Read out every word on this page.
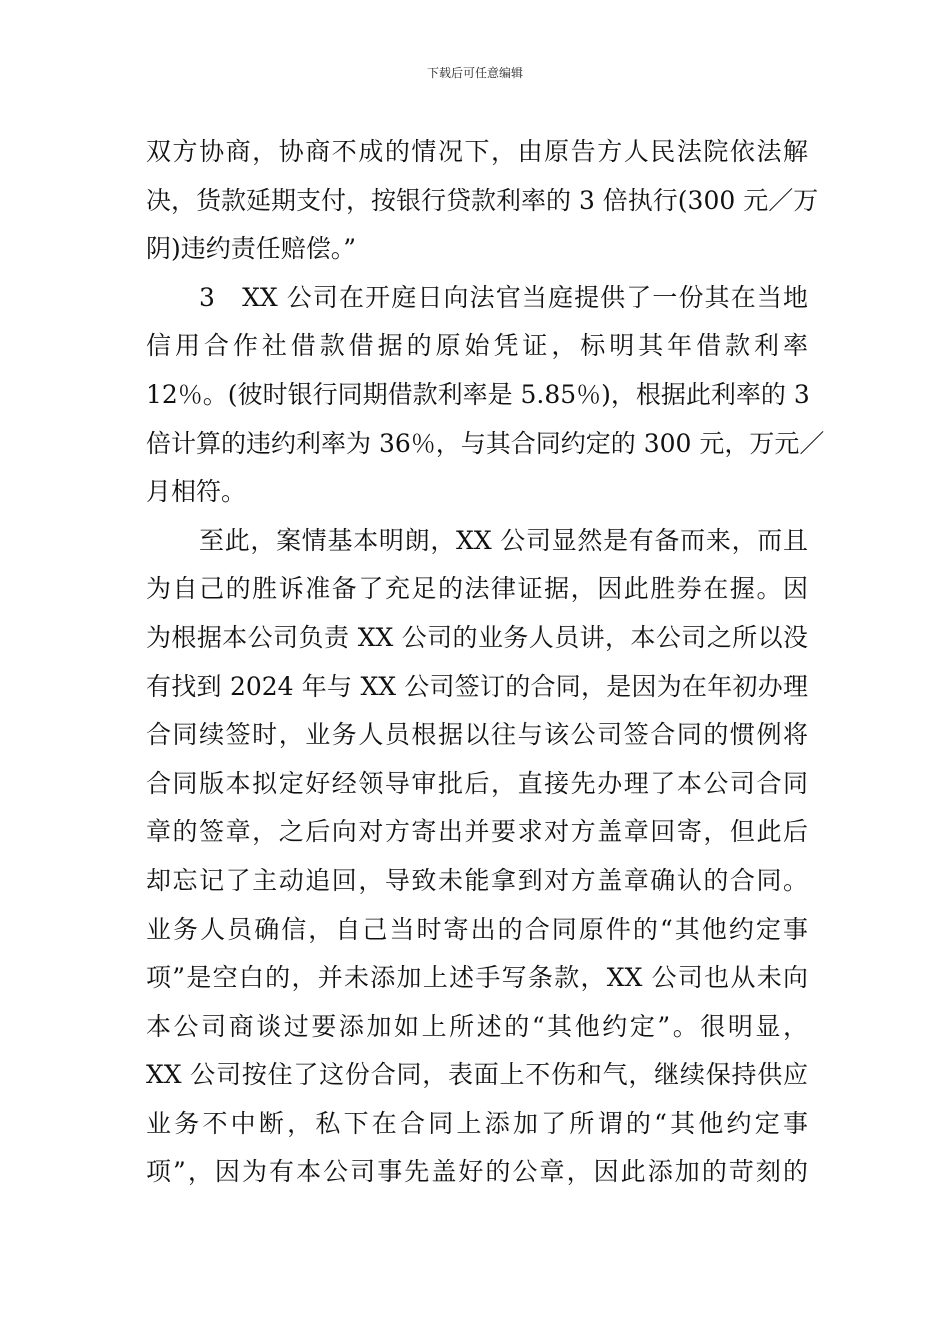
下载后可任意编辑
双方协商，协商不成的情况下，由原告方人民法院依法解
决，货款延期支付，按银行贷款利率的 3 倍执行(300 元／万
阴)违约责任赔偿。”
3　XX 公司在开庭日向法官当庭提供了一份其在当地
信用合作社借款借据的原始凭证，标明其年借款利率
12％。(彼时银行同期借款利率是 5.85％)，根据此利率的 3
倍计算的违约利率为 36％，与其合同约定的 300 元，万元／
月相符。
至此，案情基本明朗，XX 公司显然是有备而来，而且
为自己的胜诉准备了充足的法律证据，因此胜券在握。因
为根据本公司负责 XX 公司的业务人员讲，本公司之所以没
有找到 2024 年与 XX 公司签订的合同，是因为在年初办理
合同续签时，业务人员根据以往与该公司签合同的惯例将
合同版本拟定好经领导审批后，直接先办理了本公司合同
章的签章，之后向对方寄出并要求对方盖章回寄，但此后
却忘记了主动追回，导致未能拿到对方盖章确认的合同。
业务人员确信，自己当时寄出的合同原件的“其他约定事
项”是空白的，并未添加上述手写条款，XX 公司也从未向
本公司商谈过要添加如上所述的“其他约定”。很明显，
XX 公司按住了这份合同，表面上不伤和气，继续保持供应
业务不中断，私下在合同上添加了所谓的“其他约定事
项”，因为有本公司事先盖好的公章，因此添加的苛刻的
